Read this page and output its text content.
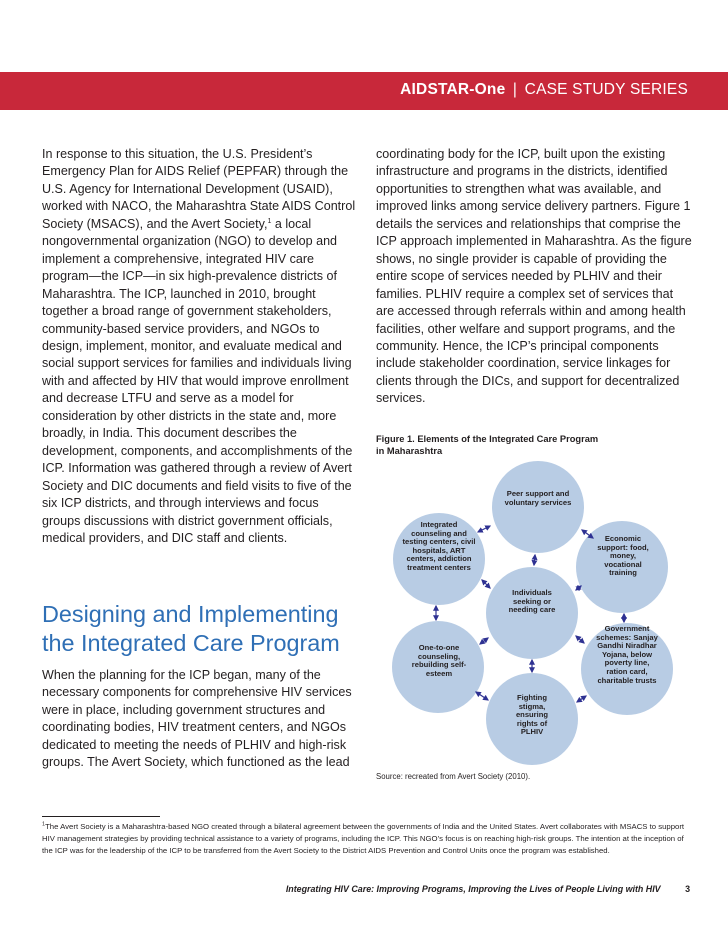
AIDSTAR-One | CASE STUDY SERIES

In response to this situation, the U.S. President’s Emergency Plan for AIDS Relief (PEPFAR) through the U.S. Agency for International Development (USAID), worked with NACO, the Maharashtra State AIDS Control Society (MSACS), and the Avert Society,$^1$ a local nongovernmental organization (NGO) to develop and implement a comprehensive, integrated HIV care program—the ICP—in six high-prevalence districts of Maharashtra. The ICP, launched in 2010, brought together a broad range of government stakeholders, community-based service providers, and NGOs to design, implement, monitor, and evaluate medical and social support services for families and individuals living with and affected by HIV that would improve enrollment and decrease LTFU and serve as a model for consideration by other districts in the state and, more broadly, in India. This document describes the development, components, and accomplishments of the ICP. Information was gathered through a review of Avert Society and DIC documents and field visits to five of the six ICP districts, and through interviews and focus groups discussions with district government officials, medical providers, and DIC staff and clients.

Designing and Implementing
the Integrated Care Program

When the planning for the ICP began, many of the necessary components for comprehensive HIV services were in place, including government structures and coordinating bodies, HIV treatment centers, and NGOs dedicated to meeting the needs of PLHIV and high-risk groups. The Avert Society, which functioned as the lead

coordinating body for the ICP, built upon the existing infrastructure and programs in the districts, identified opportunities to strengthen what was available, and improved links among service delivery partners. Figure 1 details the services and relationships that comprise the ICP approach implemented in Maharashtra. As the figure shows, no single provider is capable of providing the entire scope of services needed by PLHIV and their families. PLHIV require a complex set of services that are accessed through referrals within and among health facilities, other welfare and support programs, and the community. Hence, the ICP’s principal components include stakeholder coordination, service linkages for clients through the DICs, and support for decentralized services.

Figure 1. Elements of the Integrated Care Program
in Maharashtra
Peer support and voluntary services
Integrated counseling and testing centers, civil hospitals, ART centers, addiction treatment centers
Economic support: food, money, vocational training
Individuals seeking or needing care
One-to-one counseling, rebuilding self-esteem
Government schemes: Sanjay Gandhi Niradhar Yojana, below poverty line, ration card, charitable trusts
Fighting stigma, ensuring rights of PLHIV
Source: recreated from Avert Society (2010).
$^1$The Avert Society is a Maharashtra-based NGO created through a bilateral agreement between the governments of India and the United States. Avert collaborates with MSACS to support HIV management strategies by providing technical assistance to a variety of programs, including the ICP. This NGO’s focus is on reaching high-risk groups. The intention at the inception of the ICP was for the leadership of the ICP to be transferred from the Avert Society to the District AIDS Prevention and Control Units once the program was established.
Integrating HIV Care: Improving Programs, Improving the Lives of People Living with HIV	3
